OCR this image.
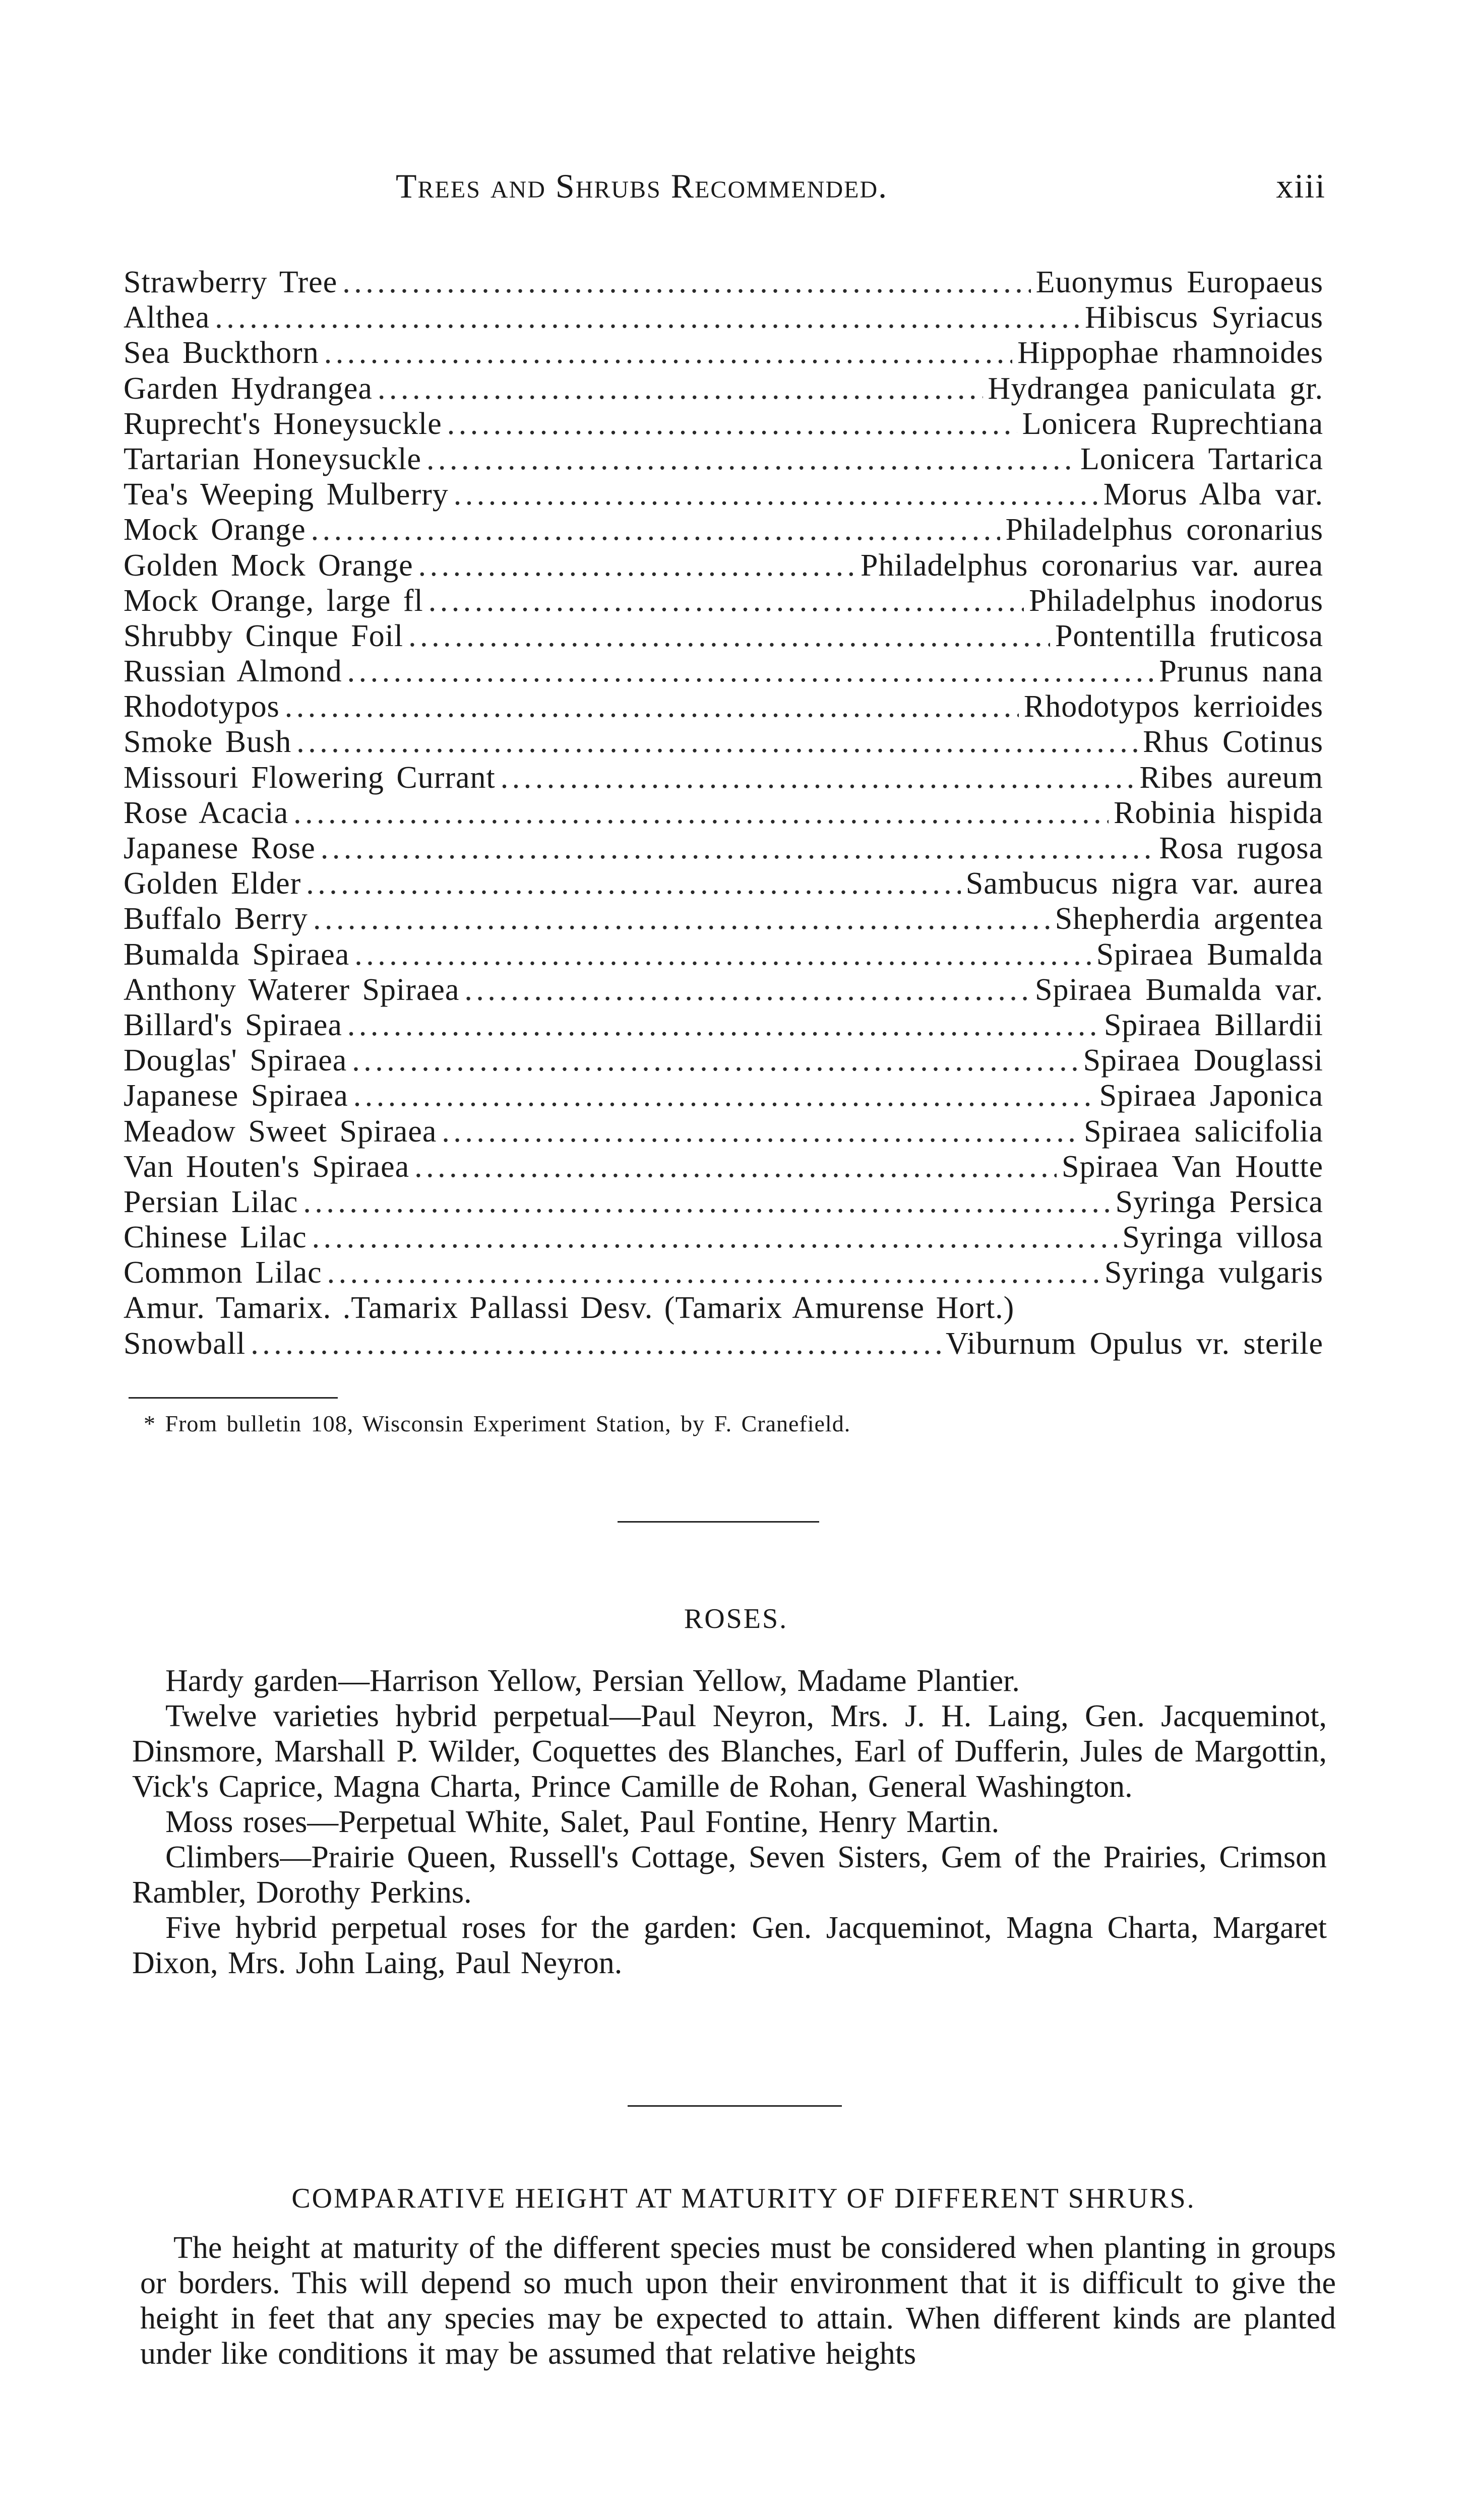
Trees and Shrubs Recommended.	xiii
Strawberry Tree . . .	Euonymus Europaeus
Althea . . .	Hibiscus Syriacus
Sea Buckthorn . . .	Hippophae rhamnoides
Garden Hydrangea . . .	Hydrangea paniculata gr.
Ruprecht's Honeysuckle . . .	Lonicera Ruprechtiana
Tartarian Honeysuckle . . .	Lonicera Tartarica
Tea's Weeping Mulberry . . .	Morus Alba var.
Mock Orange . . .	Philadelphus coronarius
Golden Mock Orange . . .	Philadelphus coronarius var. aurea
Mock Orange, large fl . . .	Philadelphus inodorus
Shrubby Cinque Foil . . .	Pontentilla fruticosa
Russian Almond . . .	Prunus nana
Rhodotypos . . .	Rhodotypos kerrioides
Smoke Bush . . .	Rhus Cotinus
Missouri Flowering Currant . . .	Ribes aureum
Rose Acacia . . .	Robinia hispida
Japanese Rose . . .	Rosa rugosa
Golden Elder . . .	Sambucus nigra var. aurea
Buffalo Berry . . .	Shepherdia argentea
Bumalda Spiraea . . .	Spiraea Bumalda
Anthony Waterer Spiraea . . .	Spiraea Bumalda var.
Billard's Spiraea . . .	Spiraea Billardii
Douglas' Spiraea . . .	Spiraea Douglassi
Japanese Spiraea . . .	Spiraea Japonica
Meadow Sweet Spiraea . . .	Spiraea salicifolia
Van Houten's Spiraea . . .	Spiraea Van Houtte
Persian Lilac . . .	Syringa Persica
Chinese Lilac . . .	Syringa villosa
Common Lilac . . .	Syringa vulgaris
Amur. Tamarix. .Tamarix Pallassi Desv. (Tamarix Amurense Hort.)
Snowball . . .	Viburnum Opulus vr. sterile
* From bulletin 108, Wisconsin Experiment Station, by F. Cranefield.
ROSES.

Hardy garden—Harrison Yellow, Persian Yellow, Madame Plantier.

Twelve varieties hybrid perpetual—Paul Neyron, Mrs. J. H. Laing, Gen. Jacqueminot, Dinsmore, Marshall P. Wilder, Coquettes des Blanches, Earl of Dufferin, Jules de Margottin, Vick's Caprice, Magna Charta, Prince Camille de Rohan, General Washington.

Moss roses—Perpetual White, Salet, Paul Fontine, Henry Martin.

Climbers—Prairie Queen, Russell's Cottage, Seven Sisters, Gem of the Prairies, Crimson Rambler, Dorothy Perkins.

Five hybrid perpetual roses for the garden: Gen. Jacqueminot, Magna Charta, Margaret Dixon, Mrs. John Laing, Paul Neyron.

COMPARATIVE HEIGHT AT MATURITY OF DIFFERENT SHRURS.

The height at maturity of the different species must be considered when planting in groups or borders. This will depend so much upon their environment that it is difficult to give the height in feet that any species may be expected to attain. When different kinds are planted under like conditions it may be assumed that relative heights
